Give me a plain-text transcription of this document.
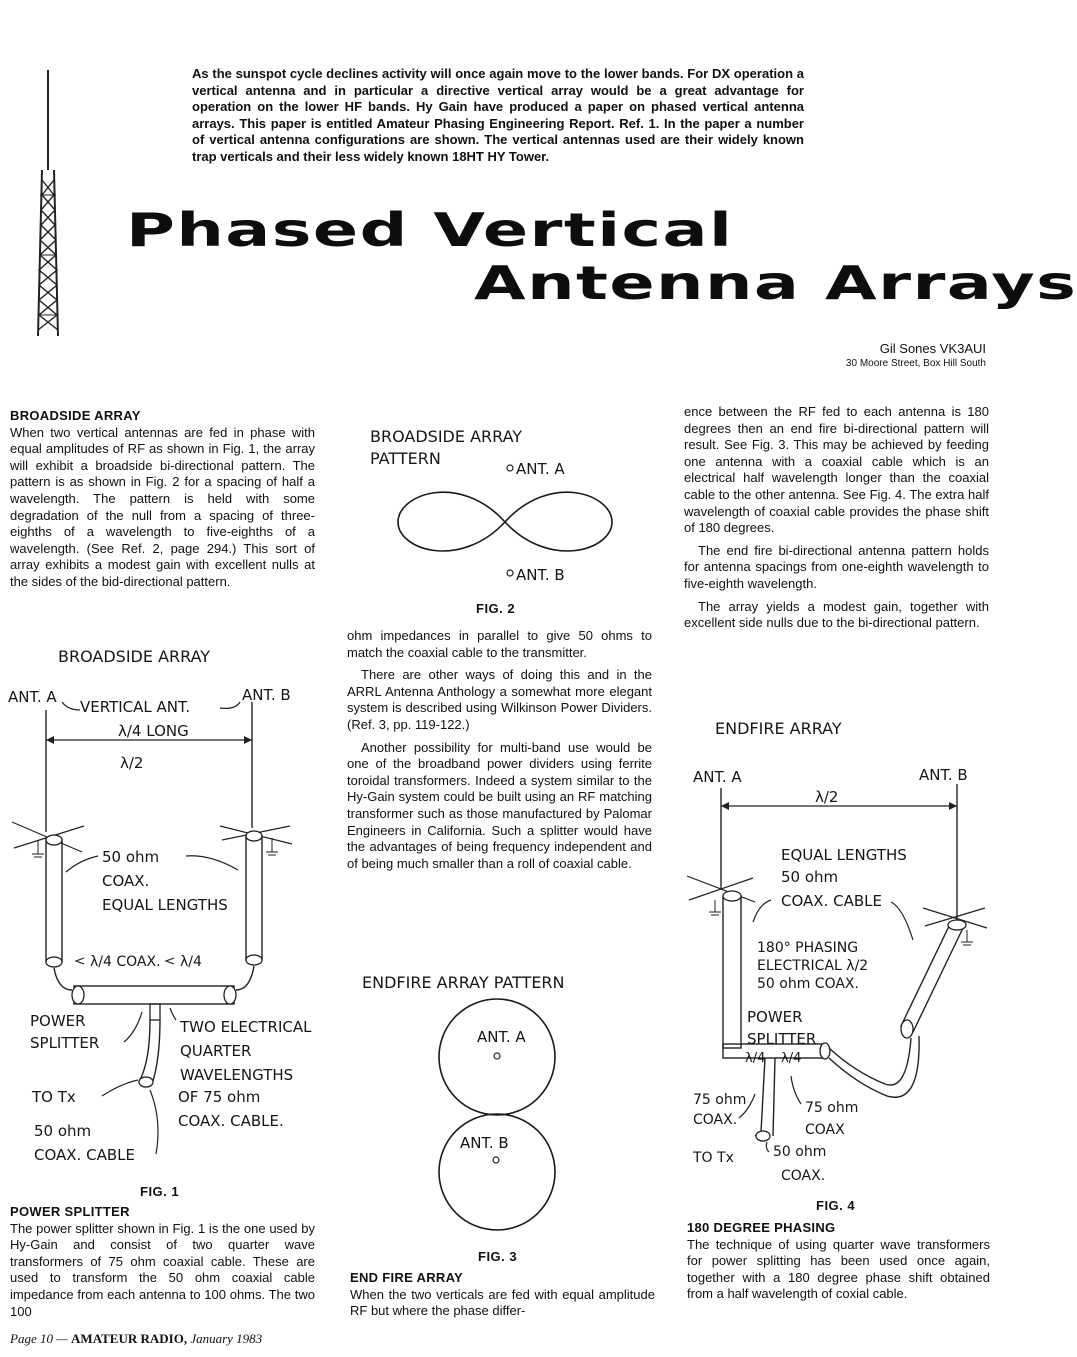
As the sunspot cycle declines activity will once again move to the lower bands. For DX operation a vertical antenna and in particular a directive vertical array would be a great advantage for operation on the lower HF bands. Hy Gain have produced a paper on phased vertical antenna arrays. This paper is entitled Amateur Phasing Engineering Report. Ref. 1. In the paper a number of vertical antenna configurations are shown. The vertical antennas used are their widely known trap verticals and their less widely known 18HT HY Tower.
Phased Vertical
Antenna Arrays
Gil Sones VK3AUI
30 Moore Street, Box Hill South
BROADSIDE ARRAY

When two vertical antennas are fed in phase with equal amplitudes of RF as shown in Fig. 1, the array will exhibit a broadside bi-directional pattern. The pattern is as shown in Fig. 2 for a spacing of half a wavelength. The pattern is held with some degradation of the null from a spacing of three-eighths of a wavelength to five-eighths of a wavelength. (See Ref. 2, page 294.) This sort of array exhibits a modest gain with excellent nulls at the sides of the bid-directional pattern.

BROADSIDE ARRAY
ANT. A	ANT. B
VERTICAL ANT.
λ/4 LONG
λ/2
50 ohm
COAX.
EQUAL LENGTHS
λ/4 COAX. λ/4
POWER
SPLITTER
TWO ELECTRICAL
QUARTER
WAVELENGTHS
OF 75 ohm
COAX. CABLE.
TO Tx
50 ohm
COAX. CABLE
FIG. 1
POWER SPLITTER

The power splitter shown in Fig. 1 is the one used by Hy-Gain and consist of two quarter wave transformers of 75 ohm coaxial cable. These are used to transform the 50 ohm coaxial cable impedance from each antenna to 100 ohms. The two 100

BROADSIDE ARRAY
PATTERN
ANT. A
ANT. B
FIG. 2

ohm impedances in parallel to give 50 ohms to match the coaxial cable to the transmitter.

There are other ways of doing this and in the ARRL Antenna Anthology a somewhat more elegant system is described using Wilkinson Power Dividers. (Ref. 3, pp. 119-122.)

Another possibility for multi-band use would be one of the broadband power dividers using ferrite toroidal transformers. Indeed a system similar to the Hy-Gain system could be built using an RF matching transformer such as those manufactured by Palomar Engineers in California. Such a splitter would have the advantages of being frequency independent and of being much smaller than a roll of coaxial cable.

ENDFIRE ARRAY PATTERN
ANT. A
ANT. B
FIG. 3
END FIRE ARRAY

When the two verticals are fed with equal amplitude RF but where the phase differ-

ence between the RF fed to each antenna is 180 degrees then an end fire bi-directional pattern will result. See Fig. 3. This may be achieved by feeding one antenna with a coaxial cable which is an electrical half wavelength longer than the coaxial cable to the other antenna. See Fig. 4. The extra half wavelength of coaxial cable provides the phase shift of 180 degrees.

The end fire bi-directional antenna pattern holds for antenna spacings from one-eighth wavelength to five-eighth wavelength.

The array yields a modest gain, together with excellent side nulls due to the bi-directional pattern.

ENDFIRE ARRAY
ANT. A	ANT. B
λ/2
EQUAL LENGTHS
50 ohm
COAX. CABLE
180° PHASING
ELECTRICAL λ/2
50 ohm COAX.
POWER
SPLITTER
λ/4 λ/4
75 ohm
COAX.
75 ohm
COAX
TO Tx	50 ohm
COAX.
FIG. 4
180 DEGREE PHASING

The technique of using quarter wave transformers for power splitting has been used once again, together with a 180 degree phase shift obtained from a half wavelength of coxial cable.

Page 10 — AMATEUR RADIO, January 1983
